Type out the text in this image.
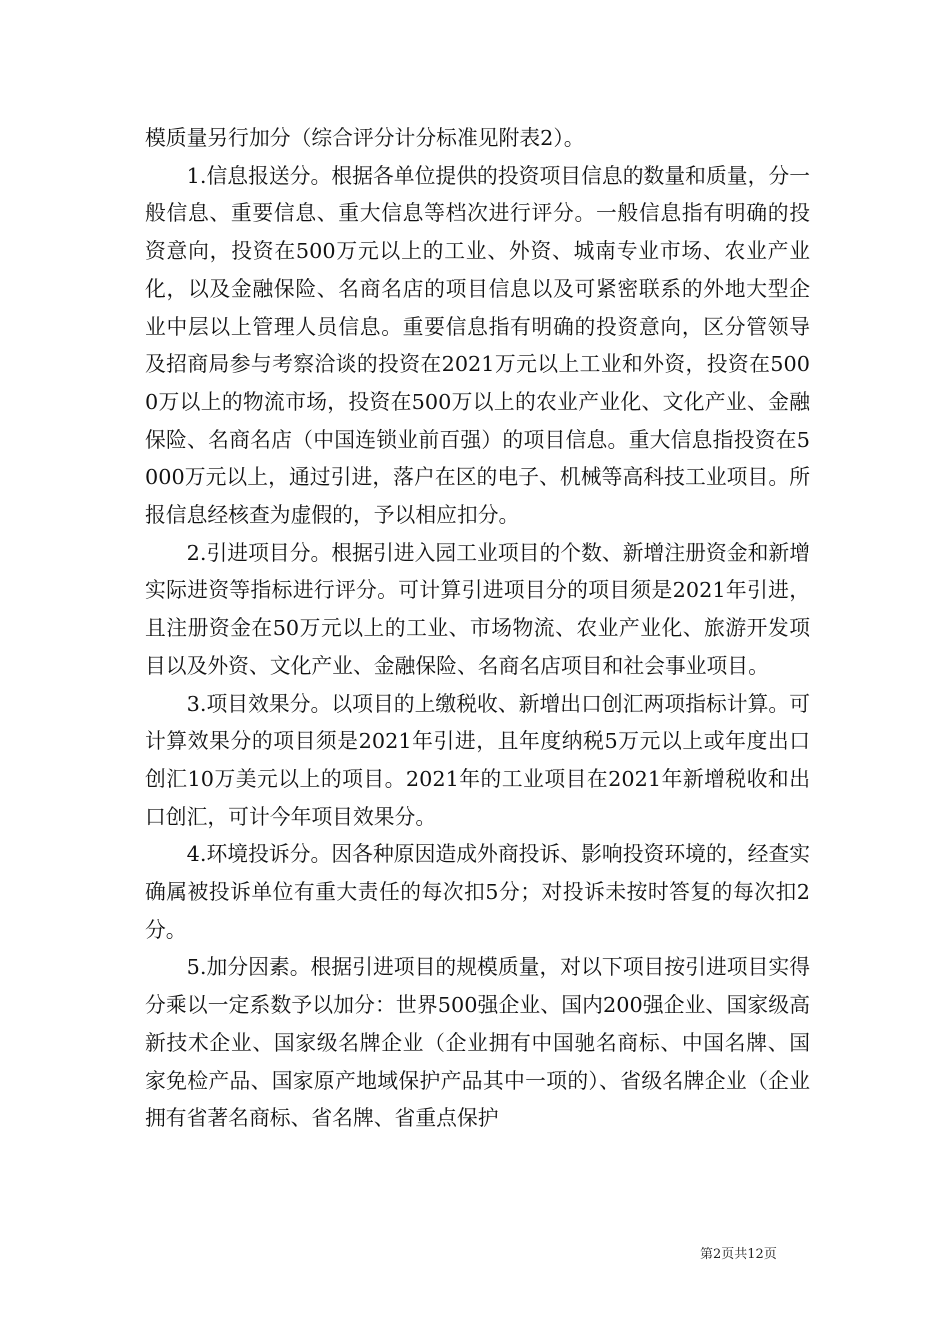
模质量另行加分（综合评分计分标准见附表2）。

1.信息报送分。根据各单位提供的投资项目信息的数量和质量，分一般信息、重要信息、重大信息等档次进行评分。一般信息指有明确的投资意向，投资在500万元以上的工业、外资、城南专业市场、农业产业化，以及金融保险、名商名店的项目信息以及可紧密联系的外地大型企业中层以上管理人员信息。重要信息指有明确的投资意向，区分管领导及招商局参与考察洽谈的投资在2021万元以上工业和外资，投资在5000万以上的物流市场，投资在500万以上的农业产业化、文化产业、金融保险、名商名店（中国连锁业前百强）的项目信息。重大信息指投资在5000万元以上，通过引进，落户在区的电子、机械等高科技工业项目。所报信息经核查为虚假的，予以相应扣分。

2.引进项目分。根据引进入园工业项目的个数、新增注册资金和新增实际进资等指标进行评分。可计算引进项目分的项目须是2021年引进，且注册资金在50万元以上的工业、市场物流、农业产业化、旅游开发项目以及外资、文化产业、金融保险、名商名店项目和社会事业项目。

3.项目效果分。以项目的上缴税收、新增出口创汇两项指标计算。可计算效果分的项目须是2021年引进，且年度纳税5万元以上或年度出口创汇10万美元以上的项目。2021年的工业项目在2021年新增税收和出口创汇，可计今年项目效果分。

4.环境投诉分。因各种原因造成外商投诉、影响投资环境的，经查实确属被投诉单位有重大责任的每次扣5分；对投诉未按时答复的每次扣2分。

5.加分因素。根据引进项目的规模质量，对以下项目按引进项目实得分乘以一定系数予以加分：世界500强企业、国内200强企业、国家级高新技术企业、国家级名牌企业（企业拥有中国驰名商标、中国名牌、国家免检产品、国家原产地域保护产品其中一项的）、省级名牌企业（企业拥有省著名商标、省名牌、省重点保护

第2页共12页
